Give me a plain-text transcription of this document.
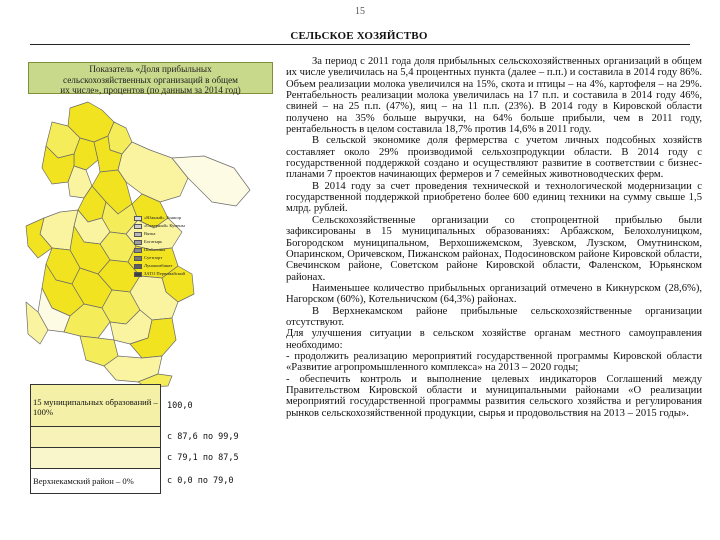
15
СЕЛЬСКОЕ ХОЗЯЙСТВО
Показатель «Доля прибыльных
сельскохозяйственных организаций в общем
их числе», процентов (по данным за 2014 год)
«Южный» Тоншор
«Северный» Кумены
Вятка
Богатырь
Шабалины
Суетпорт
Лунокомбинат
ЗАТО Первомайский
15 муниципальных образований – 100%	100,0
	с 87,6 по 99,9
	с 79,1 по 87,5
Верхнекамский район – 0%	с 0,0 по 79,0

За период с 2011 года доля прибыльных сельскохозяйственных организаций в общем их числе увеличилась на 5,4 процентных пункта (далее – п.п.) и составила в 2014 году 86%. Объем реализации молока увеличился на 15%, скота и птицы – на 4%, картофеля – на 29%. Рентабельность реализации молока увеличилась на 17 п.п. и составила в 2014 году 46%, свиней – на 25 п.п. (47%), яиц – на 11 п.п. (23%). В 2014 году в Кировской области получено на 35% больше выручки, на 64% больше прибыли, чем в 2011 году, рентабельность в целом составила 18,7% против 14,6% в 2011 году.

В сельской экономике доля фермерства с учетом личных подсобных хозяйств составляет около 29% производимой сельхозпродукции области. В 2014 году с государственной поддержкой создано и осуществляют развитие в соответствии с бизнес-планами 7 проектов начинающих фермеров и 7 семейных животноводческих ферм.

В 2014 году за счет проведения технической и технологической модернизации с государственной поддержкой приобретено более 600 единиц техники на сумму свыше 1,5 млрд. рублей.

Сельскохозяйственные организации со стопроцентной прибылью были зафиксированы в 15 муниципальных образованиях: Арбажском, Белохолуницком, Богородском муниципальном, Верхошижемском, Зуевском, Лузском, Омутнинском, Опаринском, Оричевском, Пижанском районах, Подосиновском районе Кировской области, Свечинском районе, Советском районе Кировской области, Фаленском, Юрьянском районах.

Наименьшее количество прибыльных организаций отмечено в Кикнурском (28,6%), Нагорском (60%), Котельничском (64,3%) районах.

В Верхнекамском районе прибыльные сельскохозяйственные организации отсутствуют.

Для улучшения ситуации в сельском хозяйстве органам местного самоуправления необходимо:

- продолжить реализацию мероприятий государственной программы Кировской области «Развитие агропромышленного комплекса» на 2013 – 2020 годы;

- обеспечить контроль и выполнение целевых индикаторов Соглашений между Правительством Кировской области и муниципальными районами «О реализации мероприятий государственной программы развития сельского хозяйства и регулирования рынков сельскохозяйственной продукции, сырья и продовольствия на 2013 – 2015 годы».
